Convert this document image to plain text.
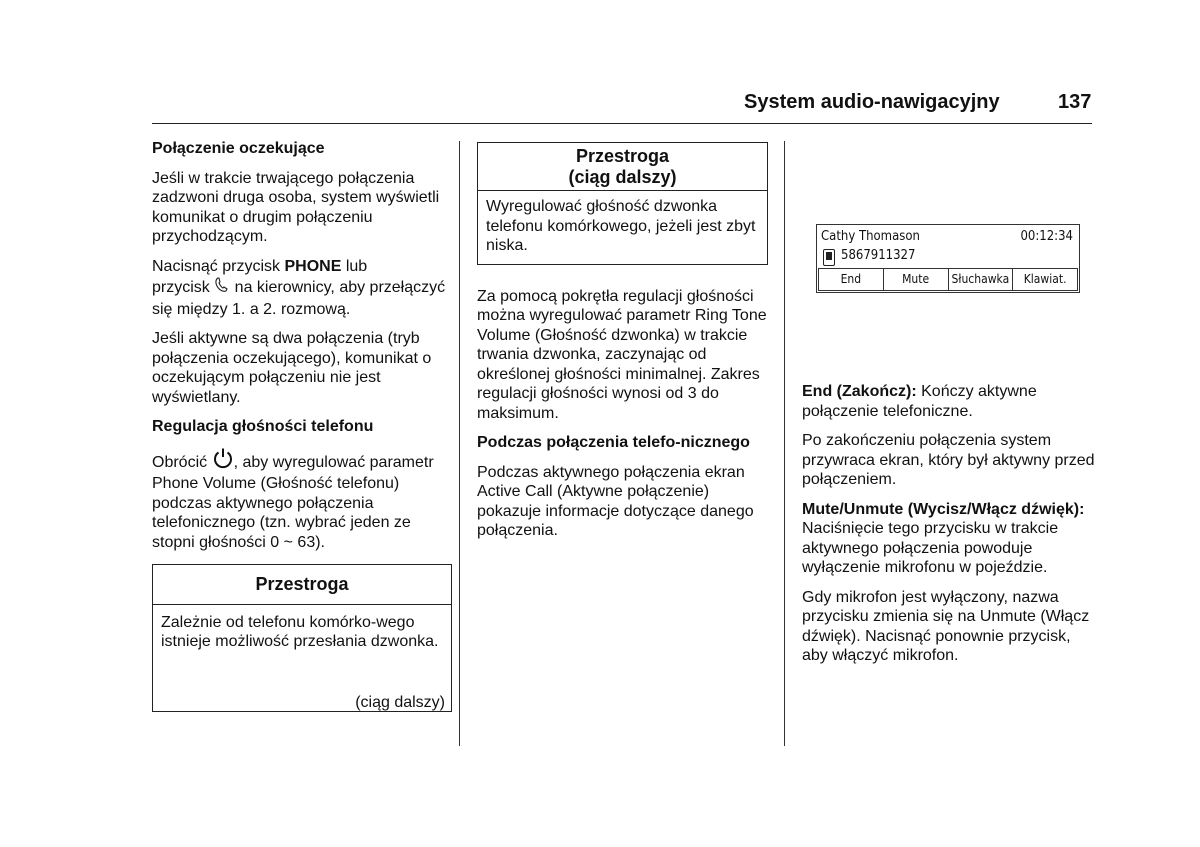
System audio-nawigacyjny	137
Połączenie oczekujące

Jeśli w trakcie trwającego połączenia zadzwoni druga osoba, system wyświetli komunikat o drugim połączeniu przychodzącym.

Nacisnąć przycisk PHONE lub
przycisk  na kierownicy, aby przełączyć się między 1. a 2. rozmową.

Jeśli aktywne są dwa połączenia (tryb połączenia oczekującego), komunikat o oczekującym połączeniu nie jest wyświetlany.

Regulacja głośności telefonu

Obrócić , aby wyregulować parametr Phone Volume (Głośność telefonu) podczas aktywnego połączenia telefonicznego (tzn. wybrać jeden ze stopni głośności 0 ~ 63).

Przestroga
Zależnie od telefonu komórko-wego istnieje możliwość przesłania dzwonka.
(ciąg dalszy)
Przestroga
(ciąg dalszy)
Wyregulować głośność dzwonka telefonu komórkowego, jeżeli jest zbyt niska.

Za pomocą pokrętła regulacji głośności można wyregulować parametr Ring Tone Volume (Głośność dzwonka) w trakcie trwania dzwonka, zaczynając od określonej głośności minimalnej. Zakres regulacji głośności wynosi od 3 do maksimum.

Podczas połączenia telefo-nicznego

Podczas aktywnego połączenia ekran Active Call (Aktywne połączenie) pokazuje informacje dotyczące danego połączenia.

Cathy Thomason	00:12:34
5867911327
End	Mute	Słuchawka	Klawiat.

End (Zakończ): Kończy aktywne połączenie telefoniczne.

Po zakończeniu połączenia system przywraca ekran, który był aktywny przed połączeniem.

Mute/Unmute (Wycisz/Włącz dźwięk): Naciśnięcie tego przycisku w trakcie aktywnego połączenia powoduje wyłączenie mikrofonu w pojeździe.

Gdy mikrofon jest wyłączony, nazwa przycisku zmienia się na Unmute (Włącz dźwięk). Nacisnąć ponownie przycisk, aby włączyć mikrofon.
